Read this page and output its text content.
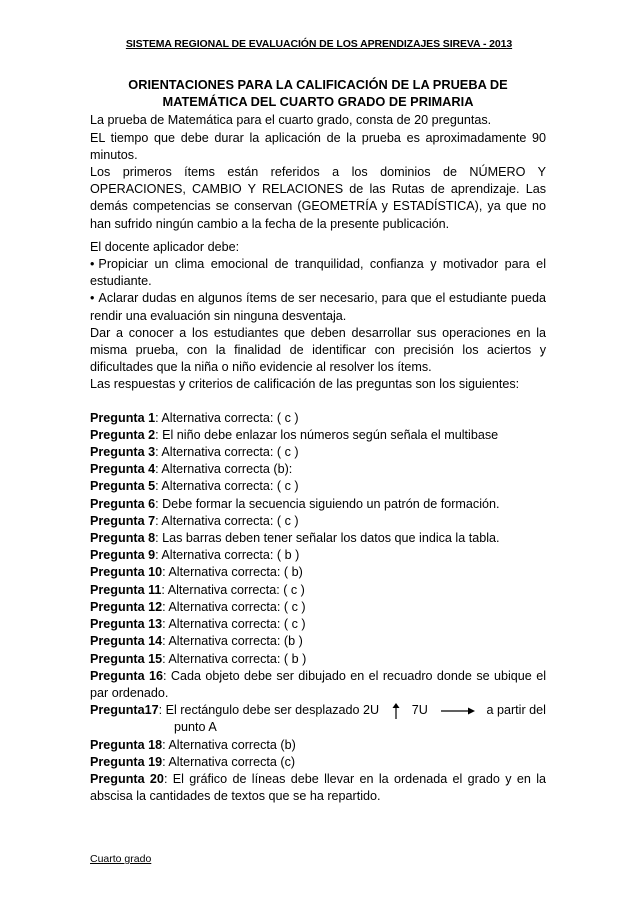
SISTEMA REGIONAL DE EVALUACIÓN DE LOS APRENDIZAJES SIREVA - 2013
ORIENTACIONES PARA LA CALIFICACIÓN DE LA PRUEBA DE MATEMÁTICA DEL CUARTO GRADO DE PRIMARIA

La prueba de Matemática para el cuarto grado, consta de 20 preguntas.

EL tiempo que debe durar la aplicación de la prueba es aproximadamente 90 minutos.

Los primeros ítems están referidos a los dominios de NÚMERO Y OPERACIONES, CAMBIO Y RELACIONES de las Rutas de aprendizaje. Las demás competencias se conservan (GEOMETRÍA y ESTADÍSTICA), ya que no han sufrido ningún cambio a la fecha de la presente publicación.

El docente aplicador debe:

• Propiciar un clima emocional de tranquilidad, confianza y motivador para el estudiante.

• Aclarar dudas en algunos ítems de ser necesario, para que el estudiante pueda rendir una evaluación sin ninguna desventaja.

Dar a conocer a los estudiantes que deben desarrollar sus operaciones en la misma prueba, con la finalidad de identificar con precisión los aciertos y dificultades que la niña o niño evidencie al resolver los ítems.

Las respuestas y criterios de calificación de las preguntas son los siguientes:

Pregunta 1: Alternativa correcta: ( c )

Pregunta 2: El niño debe enlazar los números según señala el multibase

Pregunta 3: Alternativa correcta: ( c )

Pregunta 4: Alternativa correcta (b):

Pregunta 5: Alternativa correcta: ( c )

Pregunta 6: Debe formar la secuencia siguiendo un patrón de formación.

Pregunta 7: Alternativa correcta: ( c )

Pregunta 8: Las barras deben tener señalar los datos que indica la tabla.

Pregunta 9: Alternativa correcta: ( b )

Pregunta 10: Alternativa correcta: ( b)

Pregunta 11: Alternativa correcta: ( c )

Pregunta 12: Alternativa correcta: ( c )

Pregunta 13: Alternativa correcta: ( c )

Pregunta 14: Alternativa correcta: (b )

Pregunta 15: Alternativa correcta: ( b )

Pregunta 16: Cada objeto debe ser dibujado en el recuadro donde se ubique el par ordenado.

Pregunta17: El rectángulo debe ser desplazado 2U	7U	a partir del
punto A

Pregunta 18: Alternativa correcta (b)

Pregunta 19: Alternativa correcta (c)

Pregunta 20: El gráfico de líneas debe llevar en la ordenada el grado y en la abscisa la cantidades de textos que se ha repartido.

Cuarto grado
